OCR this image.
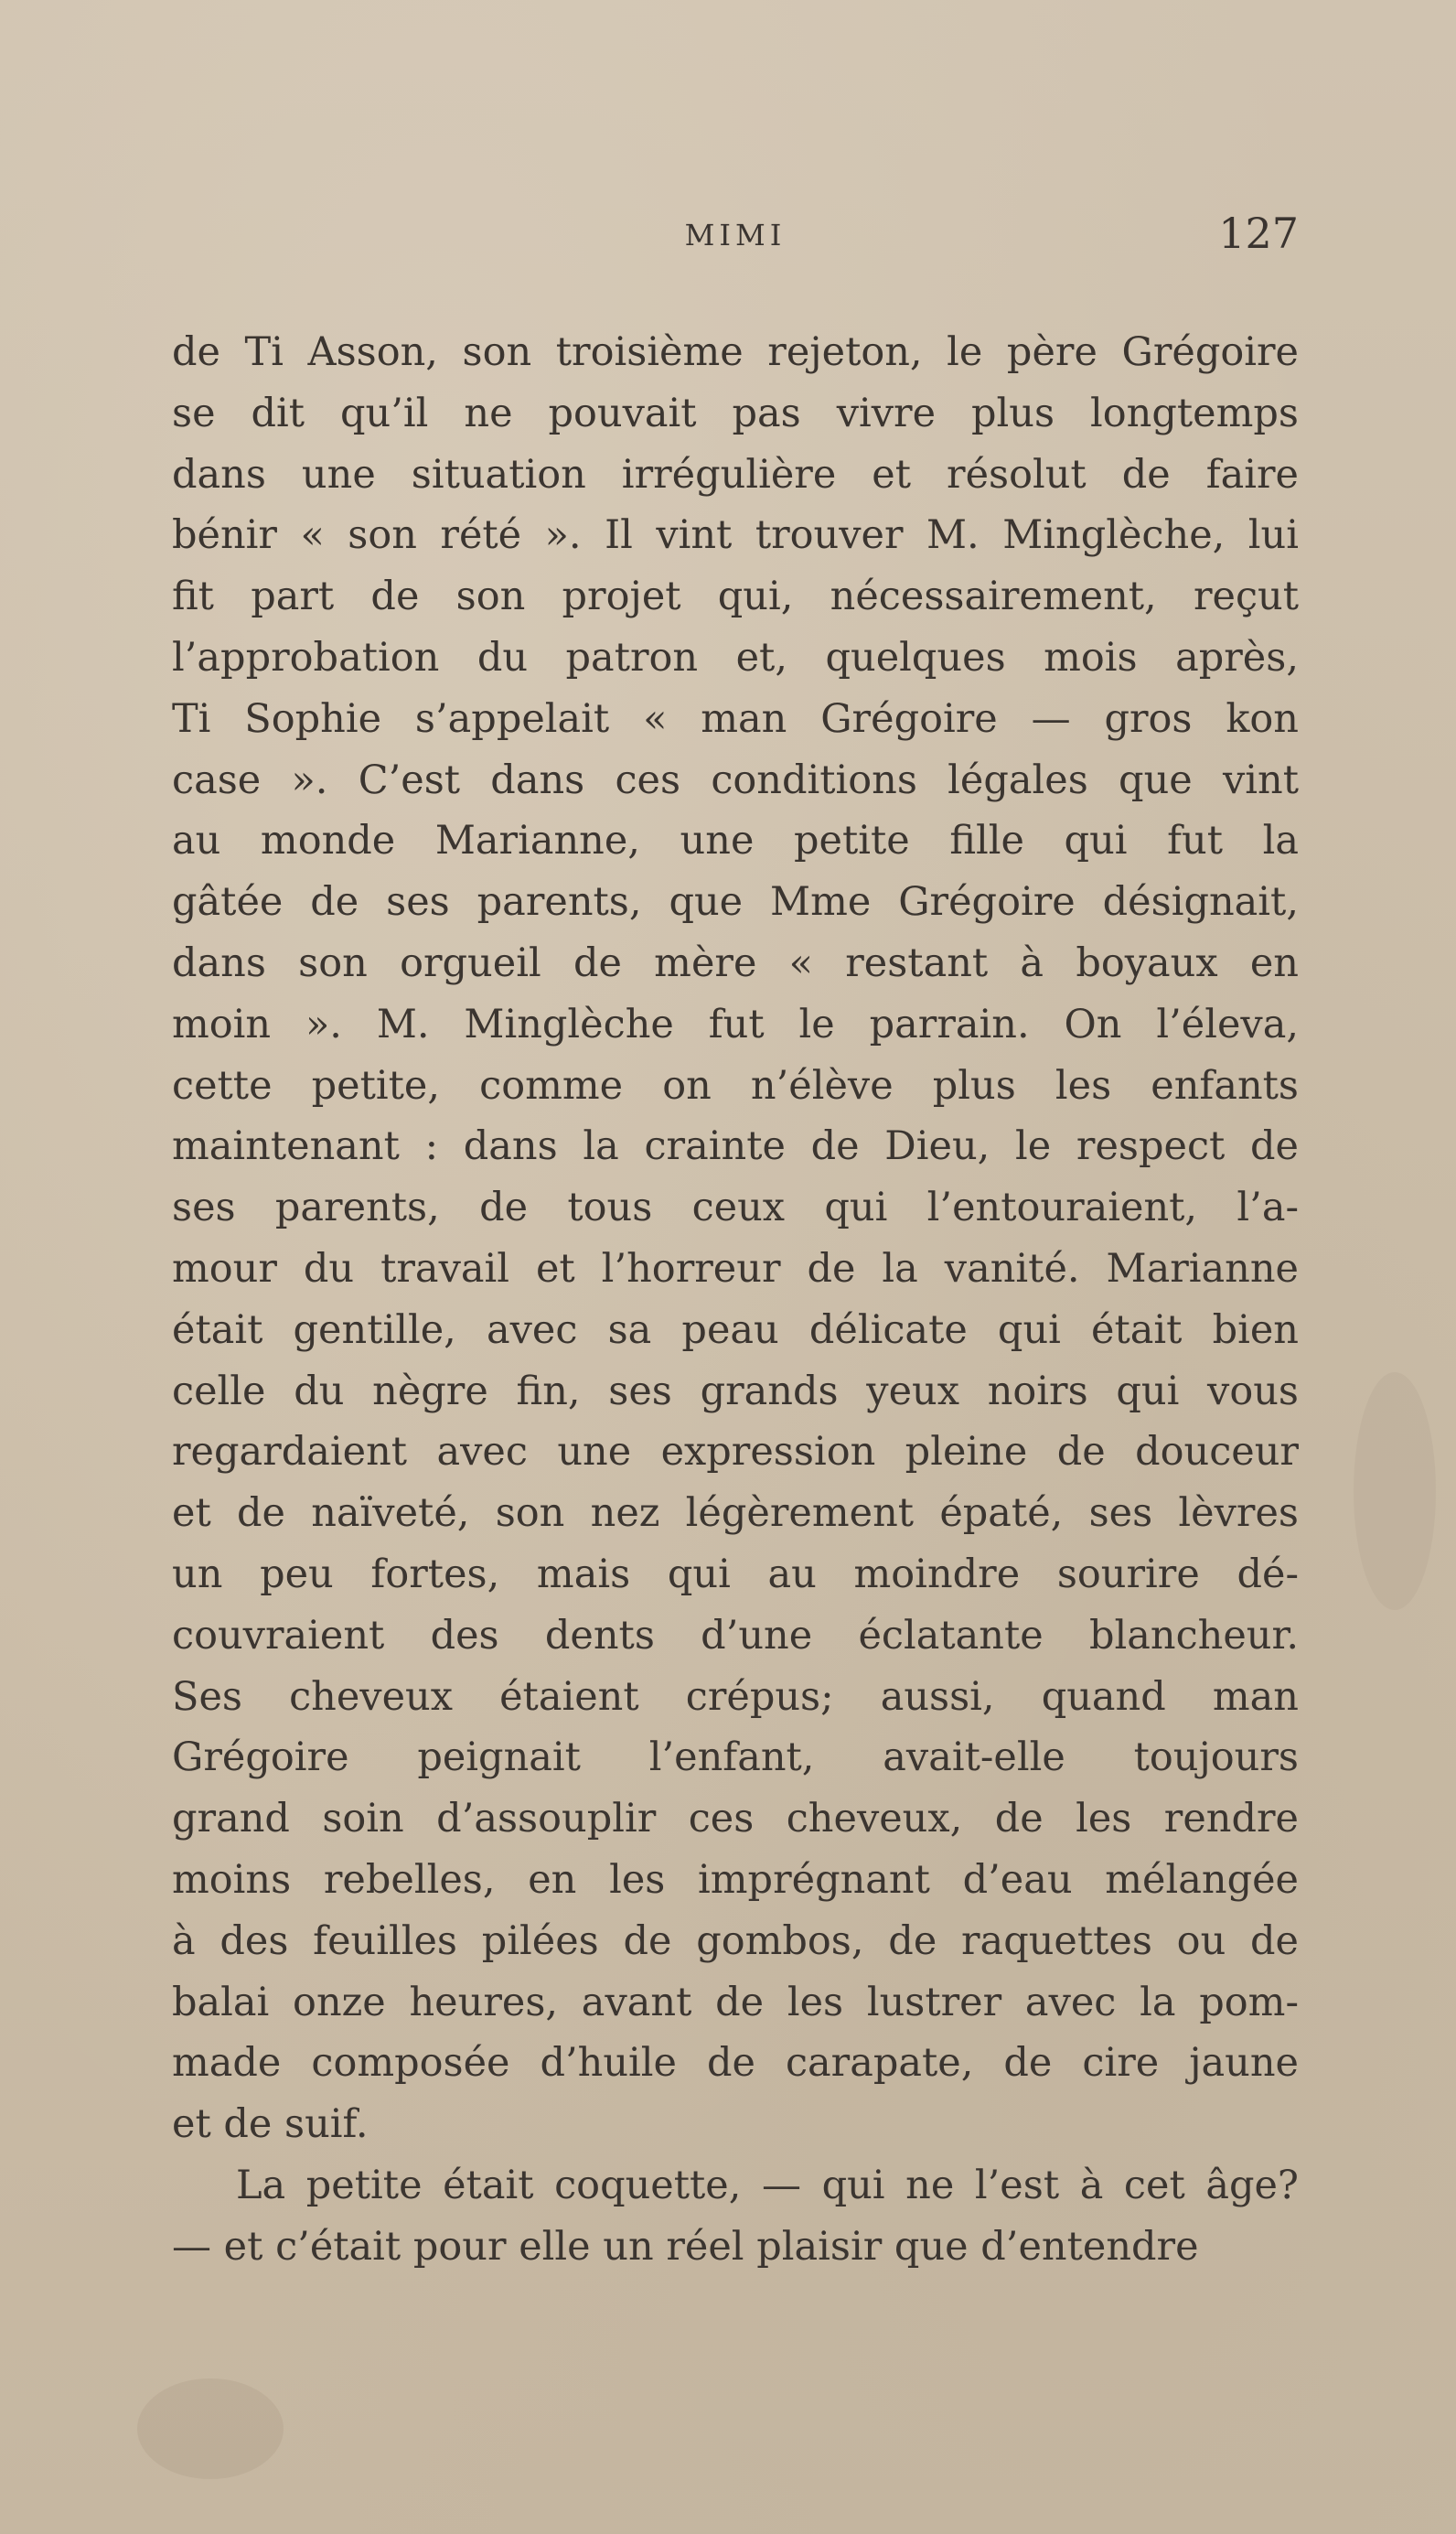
MIMI	127
de Ti Asson, son troisième rejeton, le père Grégoire
se dit qu’il ne pouvait pas vivre plus longtemps
dans une situation irrégulière et résolut de faire
bénir « son rété ». Il vint trouver M. Minglèche, lui
fit part de son projet qui, nécessairement, reçut
l’approbation du patron et, quelques mois après,
Ti Sophie s’appelait « man Grégoire — gros kon
case ». C’est dans ces conditions légales que vint
au monde Marianne, une petite fille qui fut la
gâtée de ses parents, que Mme Grégoire désignait,
dans son orgueil de mère « restant à boyaux en
moin ». M. Minglèche fut le parrain. On l’éleva,
cette petite, comme on n’élève plus les enfants
maintenant : dans la crainte de Dieu, le respect de
ses parents, de tous ceux qui l’entouraient, l’a-
mour du travail et l’horreur de la vanité. Marianne
était gentille, avec sa peau délicate qui était bien
celle du nègre fin, ses grands yeux noirs qui vous
regardaient avec une expression pleine de douceur
et de naïveté, son nez légèrement épaté, ses lèvres
un peu fortes, mais qui au moindre sourire dé-
couvraient des dents d’une éclatante blancheur.
Ses cheveux étaient crépus; aussi, quand man
Grégoire peignait l’enfant, avait-elle toujours
grand soin d’assouplir ces cheveux, de les rendre
moins rebelles, en les imprégnant d’eau mélangée
à des feuilles pilées de gombos, de raquettes ou de
balai onze heures, avant de les lustrer avec la pom-
made composée d’huile de carapate, de cire jaune
et de suif.
La petite était coquette, — qui ne l’est à cet âge?
— et c’était pour elle un réel plaisir que d’entendre
